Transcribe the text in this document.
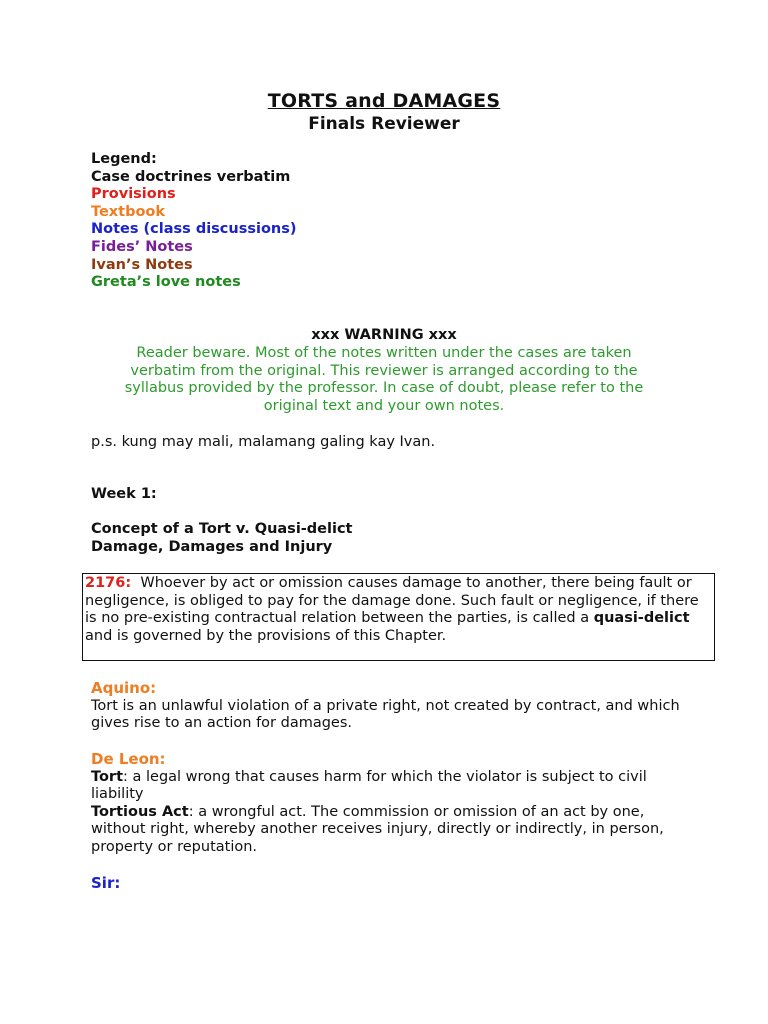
TORTS and DAMAGES
Finals Reviewer
Legend:
Case doctrines verbatim
Provisions
Textbook
Notes (class discussions)
Fides’ Notes
Ivan’s Notes
Greta’s love notes
xxx WARNING xxx
Reader beware. Most of the notes written under the cases are taken verbatim from the original. This reviewer is arranged according to the syllabus provided by the professor. In case of doubt, please refer to the original text and your own notes.
p.s. kung may mali, malamang galing kay Ivan.
Week 1:
Concept of a Tort v. Quasi-delict
Damage, Damages and Injury
2176: Whoever by act or omission causes damage to another, there being fault or negligence, is obliged to pay for the damage done. Such fault or negligence, if there is no pre-existing contractual relation between the parties, is called a quasi-delict and is governed by the provisions of this Chapter.
Aquino:
Tort is an unlawful violation of a private right, not created by contract, and which gives rise to an action for damages.
De Leon:
Tort: a legal wrong that causes harm for which the violator is subject to civil liability
Tortious Act: a wrongful act. The commission or omission of an act by one, without right, whereby another receives injury, directly or indirectly, in person, property or reputation.
Sir:
